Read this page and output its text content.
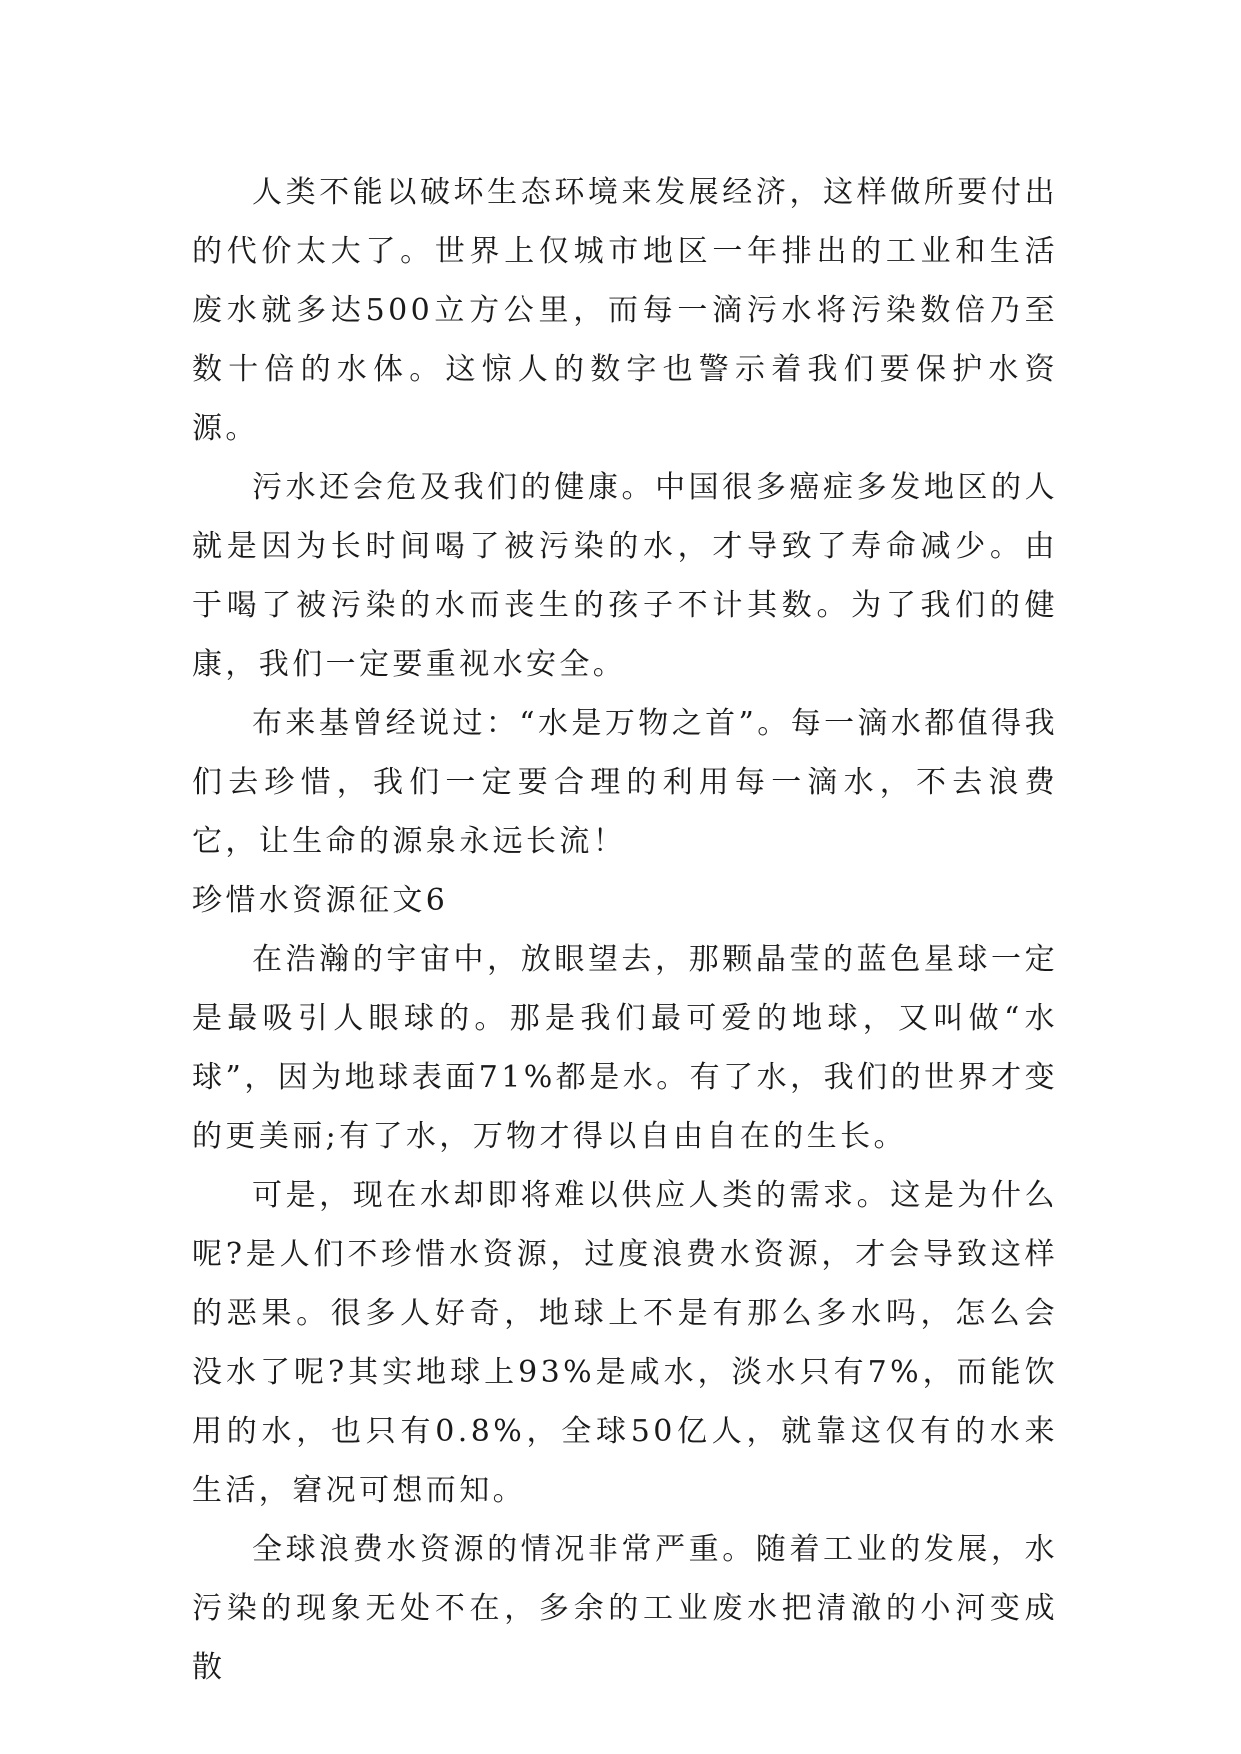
人类不能以破坏生态环境来发展经济，这样做所要付出的代价太大了。世界上仅城市地区一年排出的工业和生活废水就多达500立方公里，而每一滴污水将污染数倍乃至数十倍的水体。这惊人的数字也警示着我们要保护水资源。

污水还会危及我们的健康。中国很多癌症多发地区的人就是因为长时间喝了被污染的水，才导致了寿命减少。由于喝了被污染的水而丧生的孩子不计其数。为了我们的健康，我们一定要重视水安全。

布来基曾经说过：“水是万物之首”。每一滴水都值得我们去珍惜，我们一定要合理的利用每一滴水，不去浪费它，让生命的源泉永远长流！

珍惜水资源征文6

在浩瀚的宇宙中，放眼望去，那颗晶莹的蓝色星球一定是最吸引人眼球的。那是我们最可爱的地球，又叫做“水球”，因为地球表面71%都是水。有了水，我们的世界才变的更美丽;有了水，万物才得以自由自在的生长。

可是，现在水却即将难以供应人类的需求。这是为什么呢?是人们不珍惜水资源，过度浪费水资源，才会导致这样的恶果。很多人好奇，地球上不是有那么多水吗，怎么会没水了呢?其实地球上93%是咸水，淡水只有7%，而能饮用的水，也只有0.8%，全球50亿人，就靠这仅有的水来生活，窘况可想而知。

全球浪费水资源的情况非常严重。随着工业的发展，水污染的现象无处不在，多余的工业废水把清澈的小河变成散
